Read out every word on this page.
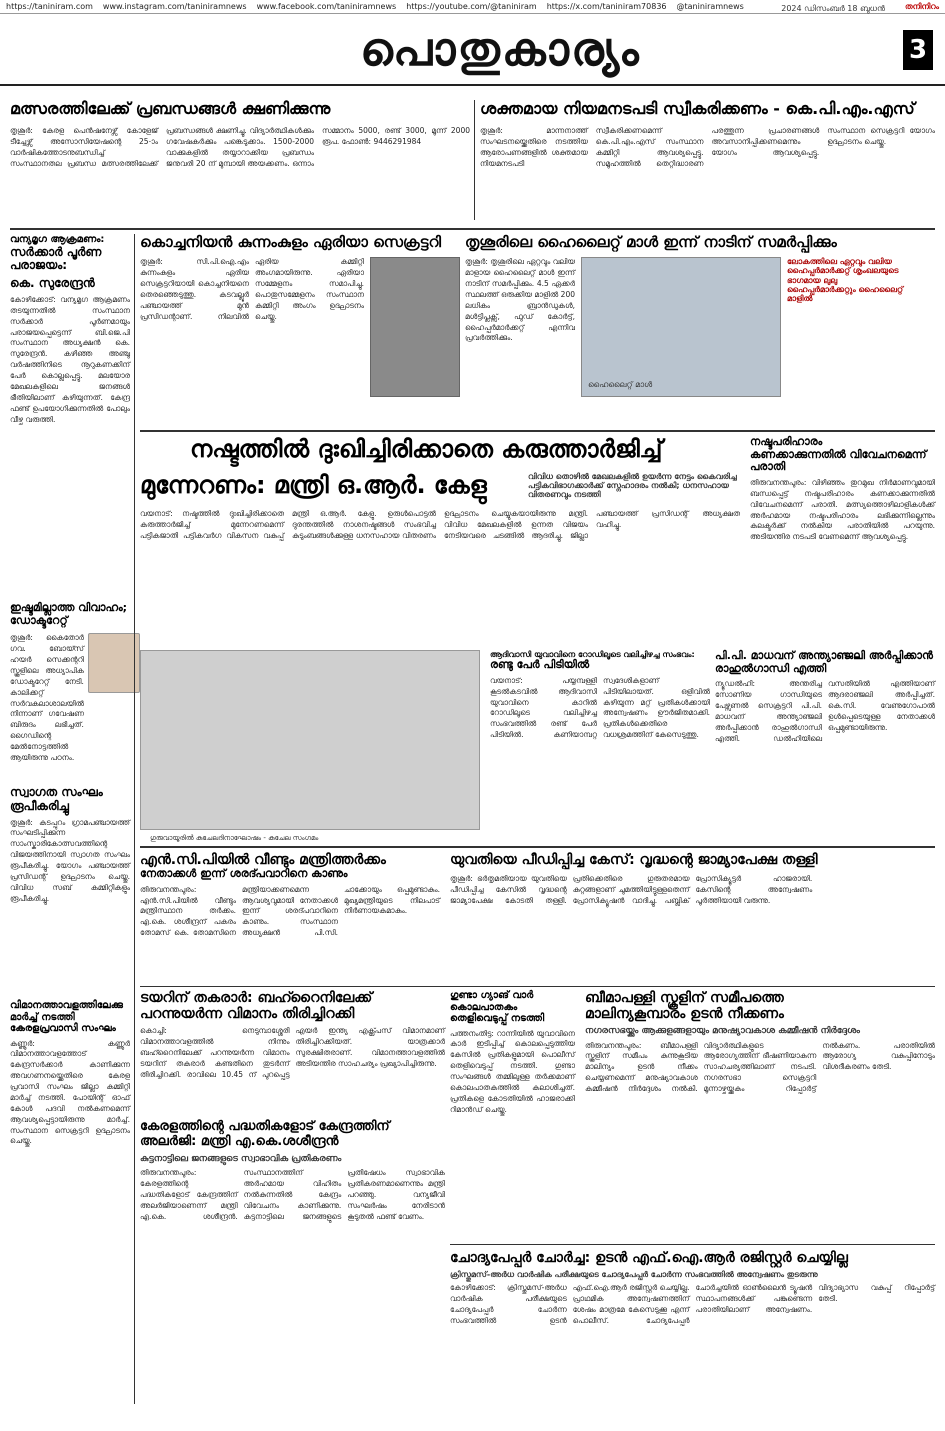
https://taniniram.com www.instagram.com/taniniramnews www.facebook.com/taniniramnews https://youtube.com/@taniniram https://x.com/taniniram70836 @taniniramnews	തനിനിറം
2024 ഡിസംബർ 18 ബുധൻ
പൊതുകാര്യം	3
മത്സരത്തിലേക്ക് പ്രബന്ധങ്ങൾ ക്ഷണിക്കുന്നു
തൃശൂർ: കേരള പെൻഷനേഴ്സ് കോളേജ് ടീച്ചേഴ്സ് അസോസിയേഷന്റെ 25-ാം വാർഷികത്തോടനുബന്ധിച്ച് സംസ്ഥാനതല പ്രബന്ധ മത്സരത്തിലേക്ക് പ്രബന്ധങ്ങൾ ക്ഷണിച്ചു. വിദ്യാർത്ഥികൾക്കും ഗവേഷകർക്കും പങ്കെടുക്കാം. 1500-2000 വാക്കുകളിൽ തയ്യാറാക്കിയ പ്രബന്ധം ജനുവരി 20 ന് മുമ്പായി അയക്കണം. ഒന്നാം സമ്മാനം 5000, രണ്ട് 3000, മൂന്ന് 2000 രൂപ. ഫോൺ: 9446291984
ശക്തമായ നിയമനടപടി സ്വീകരിക്കണം - കെ.പി.എം.എസ്
തൃശൂർ: മാന്നനാത്ത് സംഘടനയ്ക്കെതിരെ നടത്തിയ ആരോപണങ്ങളിൽ ശക്തമായ നിയമനടപടി സ്വീകരിക്കണമെന്ന് കെ.പി.എം.എസ് സംസ്ഥാന കമ്മിറ്റി ആവശ്യപ്പെട്ടു. സമൂഹത്തിൽ തെറ്റിദ്ധാരണ പരത്തുന്ന പ്രചാരണങ്ങൾ അവസാനിപ്പിക്കണമെന്നും യോഗം ആവശ്യപ്പെട്ടു. സംസ്ഥാന സെക്രട്ടറി യോഗം ഉദ്ഘാടനം ചെയ്തു.
വന്യമൃഗ ആക്രമണം:
സർക്കാർ പൂർണ പരാജയം:
കെ. സുരേന്ദ്രൻ
കോഴിക്കോട്: വന്യമൃഗ ആക്രമണം തടയുന്നതിൽ സംസ്ഥാന സർക്കാർ പൂർണമായും പരാജയപ്പെട്ടെന്ന് ബി.ജെ.പി സംസ്ഥാന അധ്യക്ഷൻ കെ. സുരേന്ദ്രൻ. കഴിഞ്ഞ അഞ്ചു വർഷത്തിനിടെ നൂറുകണക്കിന് പേർ കൊല്ലപ്പെട്ടു. മലയോര മേഖലകളിലെ ജനങ്ങൾ ഭീതിയിലാണ് കഴിയുന്നത്. കേന്ദ്ര ഫണ്ട് ഉപയോഗിക്കുന്നതിൽ പോലും വീഴ്ച വരുത്തി.
ഇഷ്ടമില്ലാത്ത വിവാഹം; ഡോക്ടറേറ്റ്
തൃശൂർ: കൈതോർ ഗവ. ബോയ്സ് ഹയർ സെക്കന്ററി സ്കൂളിലെ അധ്യാപിക ഡോക്ടറേറ്റ് നേടി. കാലിക്കറ്റ് സർവകലാശാലയിൽ നിന്നാണ് ഗവേഷണ ബിരുദം ലഭിച്ചത്. ഗൈഡിന്റെ മേൽനോട്ടത്തിൽ ആയിരുന്നു പഠനം.
സ്വാഗത സംഘം രൂപീകരിച്ചു
തൃശൂർ: കടപ്പുറം ഗ്രാമപഞ്ചായത്ത് സംഘടിപ്പിക്കുന്ന സാംസ്കാരികോത്സവത്തിന്റെ വിജയത്തിനായി സ്വാഗത സംഘം രൂപീകരിച്ചു. യോഗം പഞ്ചായത്ത് പ്രസിഡന്റ് ഉദ്ഘാടനം ചെയ്തു. വിവിധ സബ് കമ്മിറ്റികളും രൂപീകരിച്ചു.
വിമാനത്താവളത്തിലേക്കു മാർച്ച് നടത്തി
കേരളപ്രവാസി സംഘം
കണ്ണൂർ: കണ്ണൂർ വിമാനത്താവളത്തോട് കേന്ദ്രസർക്കാർ കാണിക്കുന്ന അവഗണനയ്ക്കെതിരെ കേരള പ്രവാസി സംഘം ജില്ലാ കമ്മിറ്റി മാർച്ച് നടത്തി. പോയിന്റ് ഓഫ് കോൾ പദവി നൽകണമെന്ന് ആവശ്യപ്പെട്ടായിരുന്നു മാർച്ച്. സംസ്ഥാന സെക്രട്ടറി ഉദ്ഘാടനം ചെയ്തു.
കൊച്ചനിയൻ കുന്നംകുളം ഏരിയാ സെക്രട്ടറി
തൃശൂർ: സി.പി.ഐ.എം കുന്നംകുളം ഏരിയ സെക്രട്ടറിയായി കൊച്ചനിയനെ തെരഞ്ഞെടുത്തു. കടവല്ലൂർ പഞ്ചായത്ത് മുൻ പ്രസിഡന്റാണ്. നിലവിൽ ഏരിയ കമ്മിറ്റി അംഗമായിരുന്നു. ഏരിയാ സമ്മേളനം സമാപിച്ചു. പൊതുസമ്മേളനം സംസ്ഥാന കമ്മിറ്റി അംഗം ഉദ്ഘാടനം ചെയ്തു.
തൃശൂരിലെ ഹൈലൈറ്റ് മാൾ ഇന്ന് നാടിന് സമർപ്പിക്കും
തൃശൂർ: തൃശൂരിലെ ഏറ്റവും വലിയ മാളായ ഹൈലൈറ്റ് മാൾ ഇന്ന് നാടിന് സമർപ്പിക്കും. 4.5 ഏക്കർ സ്ഥലത്ത് ഒരുക്കിയ മാളിൽ 200 ലധികം ബ്രാൻഡുകൾ, മൾട്ടിപ്ലക്സ്, ഫുഡ് കോർട്ട്, ഹൈപ്പർമാർക്കറ്റ് എന്നിവ പ്രവർത്തിക്കും.
ഹൈലൈറ്റ് മാൾ
ലോകത്തിലെ ഏറ്റവും വലിയ ഹൈപ്പർമാർക്കറ്റ് ശൃംഖലയുടെ ഭാഗമായ ലുലു ഹൈപ്പർമാർക്കറ്റും ഹൈലൈറ്റ് മാളിൽ
നഷ്ടത്തിൽ ദുഃഖിച്ചിരിക്കാതെ കരുത്താർജിച്ച്
മുന്നേറണം: മന്ത്രി ഒ.ആർ. കേളു	വിവിധ തൊഴിൽ മേഖലകളിൽ ഉയർന്ന നേട്ടം കൈവരിച്ച പട്ടികവിഭാഗക്കാർക്ക് സ്നേഹാദരം നൽകി; ധനസഹായ വിതരണവും നടത്തി
വയനാട്: നഷ്ടത്തിൽ ദുഃഖിച്ചിരിക്കാതെ കരുത്താർജിച്ച് മുന്നേറണമെന്ന് പട്ടികജാതി പട്ടികവർഗ വികസന വകുപ്പ് മന്ത്രി ഒ.ആർ. കേളു. ഉരുൾപൊട്ടൽ ദുരന്തത്തിൽ നാശനഷ്ടങ്ങൾ സംഭവിച്ച കുടുംബങ്ങൾക്കുള്ള ധനസഹായ വിതരണം ഉദ്ഘാടനം ചെയ്യുകയായിരുന്നു മന്ത്രി. വിവിധ മേഖലകളിൽ ഉന്നത വിജയം നേടിയവരെ ചടങ്ങിൽ ആദരിച്ചു. ജില്ലാ പഞ്ചായത്ത് പ്രസിഡന്റ് അധ്യക്ഷത വഹിച്ചു.
ഗുരുവായൂരിൽ കുചേലദിനാഘോഷം - കുചേല സംഗമം
നഷ്ടപരിഹാരം
കണക്കാക്കുന്നതിൽ വിവേചനമെന്ന് പരാതി
തിരുവനന്തപുരം: വിഴിഞ്ഞം തുറമുഖ നിർമാണവുമായി ബന്ധപ്പെട്ട് നഷ്ടപരിഹാരം കണക്കാക്കുന്നതിൽ വിവേചനമെന്ന് പരാതി. മത്സ്യത്തൊഴിലാളികൾക്ക് അർഹമായ നഷ്ടപരിഹാരം ലഭിക്കുന്നില്ലെന്നും കലക്ടർക്ക് നൽകിയ പരാതിയിൽ പറയുന്നു. അടിയന്തിര നടപടി വേണമെന്ന് ആവശ്യപ്പെട്ടു.
ആദിവാസി യുവാവിനെ റോഡിലൂടെ വലിച്ചിഴച്ച സംഭവം:
രണ്ടു പേർ പിടിയിൽ
വയനാട്: പയ്യമ്പള്ളി കൂടൽകടവിൽ ആദിവാസി യുവാവിനെ കാറിൽ റോഡിലൂടെ വലിച്ചിഴച്ച സംഭവത്തിൽ രണ്ട് പേർ പിടിയിൽ. കണിയാമ്പറ്റ സ്വദേശികളാണ് പിടിയിലായത്. ഒളിവിൽ കഴിയുന്ന മറ്റ് പ്രതികൾക്കായി അന്വേഷണം ഊർജിതമാക്കി. പ്രതികൾക്കെതിരെ വധശ്രമത്തിന് കേസെടുത്തു.
പി.പി. മാധവന് അന്ത്യാഞ്ജലി അർപ്പിക്കാൻ രാഹുൽഗാന്ധി എത്തി
ന്യൂഡൽഹി: അന്തരിച്ച സോണിയ ഗാന്ധിയുടെ പേഴ്സണൽ സെക്രട്ടറി പി.പി. മാധവന് അന്ത്യാഞ്ജലി അർപ്പിക്കാൻ രാഹുൽഗാന്ധി എത്തി. ഡൽഹിയിലെ വസതിയിൽ എത്തിയാണ് ആദരാഞ്ജലി അർപ്പിച്ചത്. കെ.സി. വേണുഗോപാൽ ഉൾപ്പെടെയുള്ള നേതാക്കൾ ഒപ്പമുണ്ടായിരുന്നു.
എൻ.സി.പിയിൽ വീണ്ടും മന്ത്രിത്തർക്കം
നേതാക്കൾ ഇന്ന് ശരദ്പവാറിനെ കാണും
തിരുവനന്തപുരം: എൻ.സി.പിയിൽ വീണ്ടും മന്ത്രിസ്ഥാന തർക്കം. എ.കെ. ശശീന്ദ്രന് പകരം തോമസ് കെ. തോമസിനെ മന്ത്രിയാക്കണമെന്ന ആവശ്യവുമായി നേതാക്കൾ ഇന്ന് ശരദ്പവാറിനെ കാണും. സംസ്ഥാന അധ്യക്ഷൻ പി.സി. ചാക്കോയും ഒപ്പമുണ്ടാകും. മുഖ്യമന്ത്രിയുടെ നിലപാട് നിർണായകമാകും.
യുവതിയെ പീഡിപ്പിച്ച കേസ്: വൃദ്ധന്റെ ജാമ്യാപേക്ഷ തള്ളി
തൃശൂർ: ഭർതൃമതിയായ യുവതിയെ പീഡിപ്പിച്ച കേസിൽ വൃദ്ധന്റെ ജാമ്യാപേക്ഷ കോടതി തള്ളി. പ്രതിക്കെതിരെ ഗുരുതരമായ കുറ്റങ്ങളാണ് ചുമത്തിയിട്ടുള്ളതെന്ന് പ്രോസിക്യൂഷൻ വാദിച്ചു. പബ്ലിക് പ്രോസിക്യൂട്ടർ ഹാജരായി. കേസിന്റെ അന്വേഷണം പൂർത്തിയായി വരുന്നു.
ടയറിന് തകരാർ: ബഹ്റൈനിലേക്ക്
പറന്നുയർന്ന വിമാനം തിരിച്ചിറക്കി
കൊച്ചി: നെടുമ്പാശ്ശേരി വിമാനത്താവളത്തിൽ നിന്നും ബഹ്റൈനിലേക്ക് പറന്നുയർന്ന വിമാനം ടയറിന് തകരാർ കണ്ടതിനെ തുടർന്ന് തിരിച്ചിറക്കി. രാവിലെ 10.45 ന് പുറപ്പെട്ട എയർ ഇന്ത്യ എക്സ്പ്രസ് വിമാനമാണ് തിരിച്ചിറക്കിയത്. യാത്രക്കാർ സുരക്ഷിതരാണ്. വിമാനത്താവളത്തിൽ അടിയന്തിര സാഹചര്യം പ്രഖ്യാപിച്ചിരുന്നു.
ഗുണ്ടാ ഗ്യാങ് വാർ
കൊലപാതകം
തെളിവെടുപ്പ് നടത്തി
പത്തനംതിട്ട: റാന്നിയിൽ യുവാവിനെ കാർ ഇടിപ്പിച്ച് കൊലപ്പെടുത്തിയ കേസിൽ പ്രതികളുമായി പൊലീസ് തെളിവെടുപ്പ് നടത്തി. ഗുണ്ടാ സംഘങ്ങൾ തമ്മിലുള്ള തർക്കമാണ് കൊലപാതകത്തിൽ കലാശിച്ചത്. പ്രതികളെ കോടതിയിൽ ഹാജരാക്കി റിമാൻഡ് ചെയ്തു.
ബീമാപള്ളി സ്കൂളിന് സമീപത്തെ
മാലിന്യകൂമ്പാരം ഉടൻ നീക്കണം
നഗരസഭയ്ക്കും ആക്കുളങ്ങളായും മനുഷ്യാവകാശ കമ്മീഷൻ നിർദ്ദേശം
തിരുവനന്തപുരം: ബീമാപള്ളി സ്കൂളിന് സമീപം കുന്നുകൂടിയ മാലിന്യം ഉടൻ നീക്കം ചെയ്യണമെന്ന് മനുഷ്യാവകാശ കമ്മീഷൻ നിർദ്ദേശം നൽകി. വിദ്യാർത്ഥികളുടെ ആരോഗ്യത്തിന് ഭീഷണിയാകുന്ന സാഹചര്യത്തിലാണ് നടപടി. നഗരസഭാ സെക്രട്ടറി മൂന്നാഴ്ചയ്ക്കകം റിപ്പോർട്ട് നൽകണം. പരാതിയിൽ ആരോഗ്യ വകുപ്പിനോടും വിശദീകരണം തേടി.
കേരളത്തിന്റെ പദ്ധതികളോട് കേന്ദ്രത്തിന്
അലർജി: മന്ത്രി എ.കെ.ശശീന്ദ്രൻ
കുട്ടനാട്ടിലെ ജനങ്ങളുടെ സ്വാഭാവിക പ്രതികരണം
തിരുവനന്തപുരം: കേരളത്തിന്റെ പദ്ധതികളോട് കേന്ദ്രത്തിന് അലർജിയാണെന്ന് മന്ത്രി എ.കെ. ശശീന്ദ്രൻ. സംസ്ഥാനത്തിന് അർഹമായ വിഹിതം നൽകുന്നതിൽ കേന്ദ്രം വിവേചനം കാണിക്കുന്നു. കുട്ടനാട്ടിലെ ജനങ്ങളുടെ പ്രതിഷേധം സ്വാഭാവിക പ്രതികരണമാണെന്നും മന്ത്രി പറഞ്ഞു. വന്യജീവി സംഘർഷം നേരിടാൻ കൂടുതൽ ഫണ്ട് വേണം.
ചോദ്യപേപ്പർ ചോർച്ച: ഉടൻ എഫ്.ഐ.ആർ രജിസ്റ്റർ ചെയ്യില്ല
ക്രിസ്തുമസ്-അർധ വാർഷിക പരീക്ഷയുടെ ചോദ്യപേപ്പർ ചോർന്ന സംഭവത്തിൽ അന്വേഷണം തുടരുന്നു
കോഴിക്കോട്: ക്രിസ്തുമസ്-അർധ വാർഷിക പരീക്ഷയുടെ ചോദ്യപേപ്പർ ചോർന്ന സംഭവത്തിൽ ഉടൻ എഫ്.ഐ.ആർ രജിസ്റ്റർ ചെയ്യില്ല. പ്രാഥമിക അന്വേഷണത്തിന് ശേഷം മാത്രമേ കേസെടുക്കൂ എന്ന് പൊലീസ്. ചോദ്യപേപ്പർ ചോർച്ചയിൽ ഓൺലൈൻ ട്യൂഷൻ സ്ഥാപനങ്ങൾക്ക് പങ്കുണ്ടെന്ന പരാതിയിലാണ് അന്വേഷണം. വിദ്യാഭ്യാസ വകുപ്പ് റിപ്പോർട്ട് തേടി.
